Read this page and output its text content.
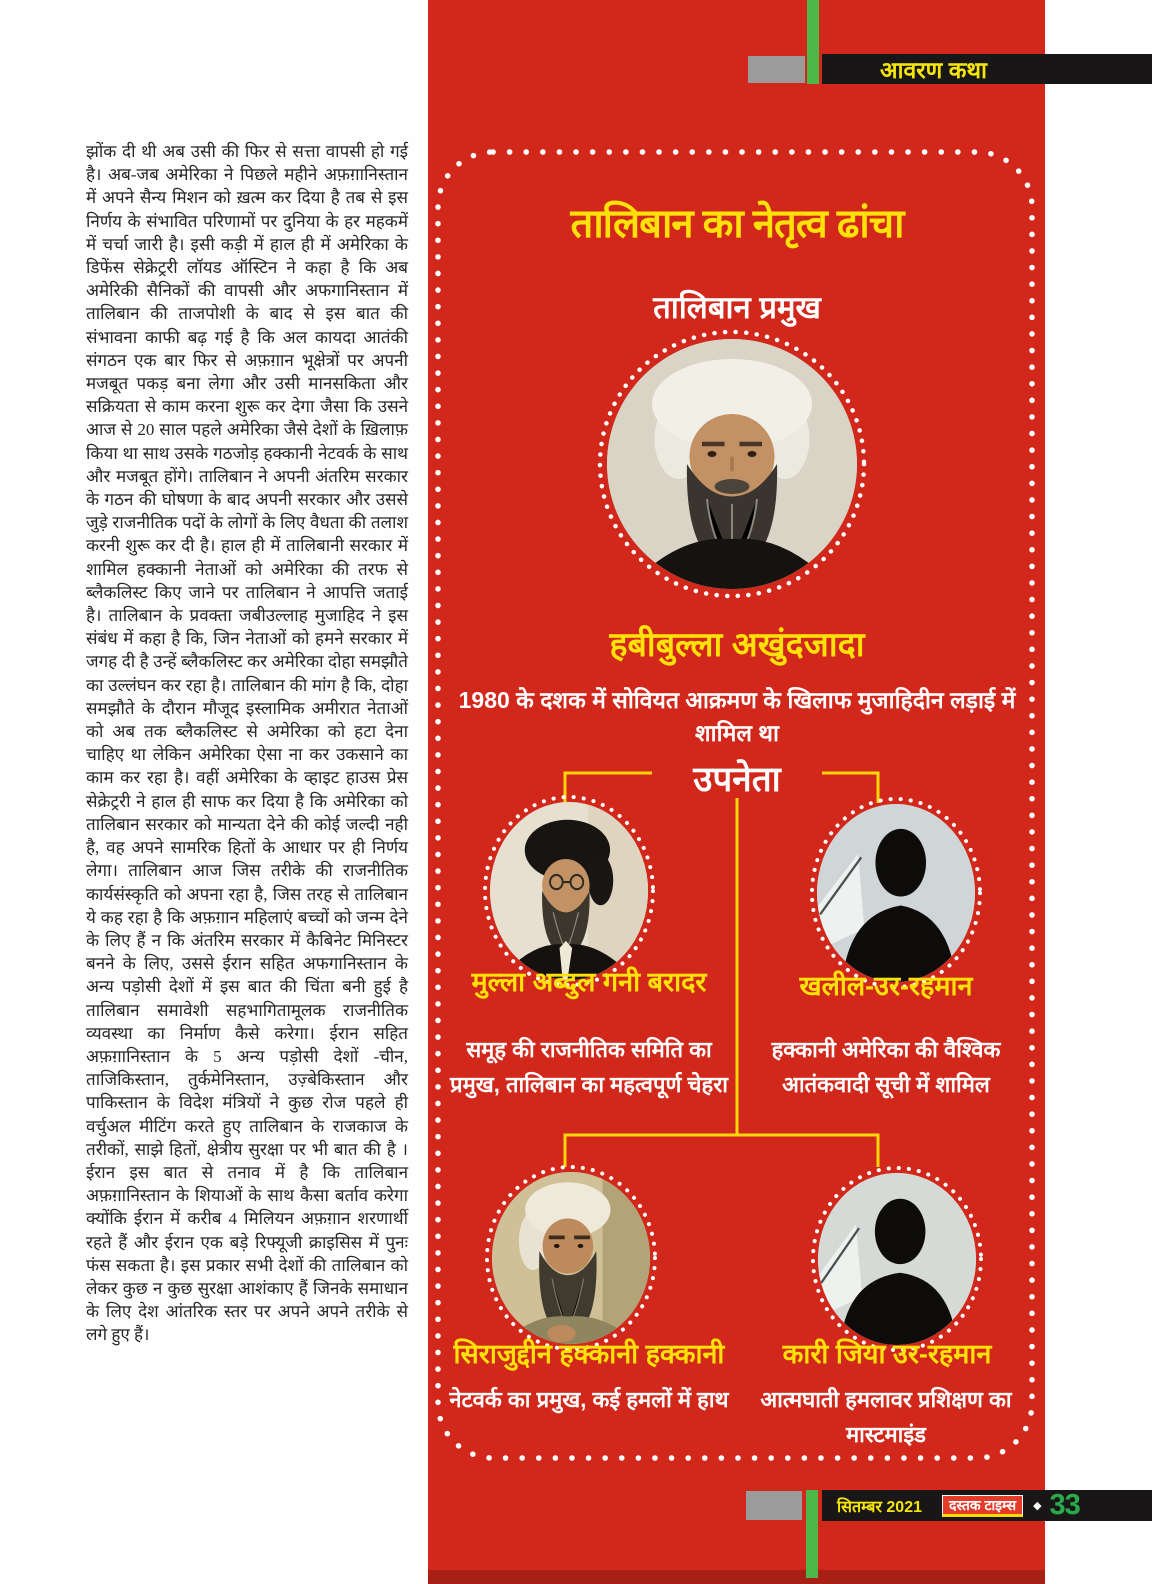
झोंक दी थी अब उसी की फिर से सत्ता वापसी हो गई है। अब-जब अमेरिका ने पिछले महीने अफ़ग़ानिस्तान में अपने सैन्य मिशन को ख़त्म कर दिया है तब से इस निर्णय के संभावित परिणामों पर दुनिया के हर महकमें में चर्चा जारी है। इसी कड़ी में हाल ही में अमेरिका के डिफेंस सेक्रेट्ररी लॉयड ऑस्टिन ने कहा है कि अब अमेरिकी सैनिकों की वापसी और अफगानिस्तान में तालिबान की ताजपोशी के बाद से इस बात की संभावना काफी बढ़ गई है कि अल कायदा आतंकी संगठन एक बार फिर से अफ़ग़ान भूक्षेत्रों पर अपनी मजबूत पकड़ बना लेगा और उसी मानसकिता और सक्रियता से काम करना शुरू कर देगा जैसा कि उसने आज से 20 साल पहले अमेरिका जैसे देशों के ख़िलाफ़ किया था साथ उसके गठजोड़ हक्कानी नेटवर्क के साथ और मजबूत होंगे। तालिबान ने अपनी अंतरिम सरकार के गठन की घोषणा के बाद अपनी सरकार और उससे जुड़े राजनीतिक पदों के लोगों के लिए वैधता की तलाश करनी शुरू कर दी है। हाल ही में तालिबानी सरकार में शामिल हक्कानी नेताओं को अमेरिका की तरफ से ब्लैकलिस्ट किए जाने पर तालिबान ने आपत्ति जताई है। तालिबान के प्रवक्ता जबीउल्लाह मुजाहिद ने इस संबंध में कहा है कि, जिन नेताओं को हमने सरकार में जगह दी है उन्हें ब्लैकलिस्ट कर अमेरिका दोहा समझौते का उल्लंघन कर रहा है। तालिबान की मांग है कि, दोहा समझौते के दौरान मौजूद इस्लामिक अमीरात नेताओं को अब तक ब्लैकलिस्ट से अमेरिका को हटा देना चाहिए था लेकिन अमेरिका ऐसा ना कर उकसाने का काम कर रहा है। वहीं अमेरिका के व्हाइट हाउस प्रेस सेक्रेट्ररी ने हाल ही साफ कर दिया है कि अमेरिका को तालिबान सरकार को मान्यता देने की कोई जल्दी नही है, वह अपने सामरिक हितों के आधार पर ही निर्णय लेगा। तालिबान आज जिस तरीके की राजनीतिक कार्यसंस्कृति को अपना रहा है, जिस तरह से तालिबान ये कह रहा है कि अफ़ग़ान महिलाएं बच्चों को जन्म देने के लिए हैं न कि अंतरिम सरकार में कैबिनेट मिनिस्टर बनने के लिए, उससे ईरान सहित अफगानिस्तान के अन्य पड़ोसी देशों में इस बात की चिंता बनी हुई है तालिबान समावेशी सहभागितामूलक राजनीतिक व्यवस्था का निर्माण कैसे करेगा। ईरान सहित अफ़ग़ानिस्तान के 5 अन्य पड़ोसी देशों -चीन, ताजिकिस्तान, तुर्कमेनिस्तान, उज़्बेकिस्तान और पाकिस्तान के विदेश मंत्रियों ने कुछ रोज पहले ही वर्चुअल मीटिंग करते हुए तालिबान के राजकाज के तरीकों, साझे हितों, क्षेत्रीय सुरक्षा पर भी बात की है । ईरान इस बात से तनाव में है कि तालिबान अफ़ग़ानिस्तान के शियाओं के साथ कैसा बर्ताव करेगा क्योंकि ईरान में करीब 4 मिलियन अफ़ग़ान शरणार्थी रहते हैं और ईरान एक बड़े रिफ्यूजी क्राइसिस में पुनः फंस सकता है। इस प्रकार सभी देशों की तालिबान को लेकर कुछ न कुछ सुरक्षा आशंकाए हैं जिनके समाधान के लिए देश आंतरिक स्तर पर अपने अपने तरीके से लगे हुए हैं।

आवरण कथा
तालिबान का नेतृत्व ढांचा
तालिबान प्रमुख
हबीबुल्ला अखुंदजादा
1980 के दशक में सोवियत आक्रमण के खिलाफ मुजाहिदीन लड़ाई में शामिल था
उपनेता
मुल्ला अब्दुल गनी बरादर	खलील-उर-रहमान
समूह की राजनीतिक समिति का प्रमुख, तालिबान का महत्वपूर्ण चेहरा
हक्कानी अमेरिका की वैश्विक आतंकवादी सूची में शामिल
सिराजुद्दीन हक्कानी हक्कानी	कारी जिया उर-रहमान
नेटवर्क का प्रमुख, कई हमलों में हाथ	आत्मघाती हमलावर प्रशिक्षण का मास्टमाइंड
सितम्बर 2021	दस्तक टाइम्स	◆ 33
